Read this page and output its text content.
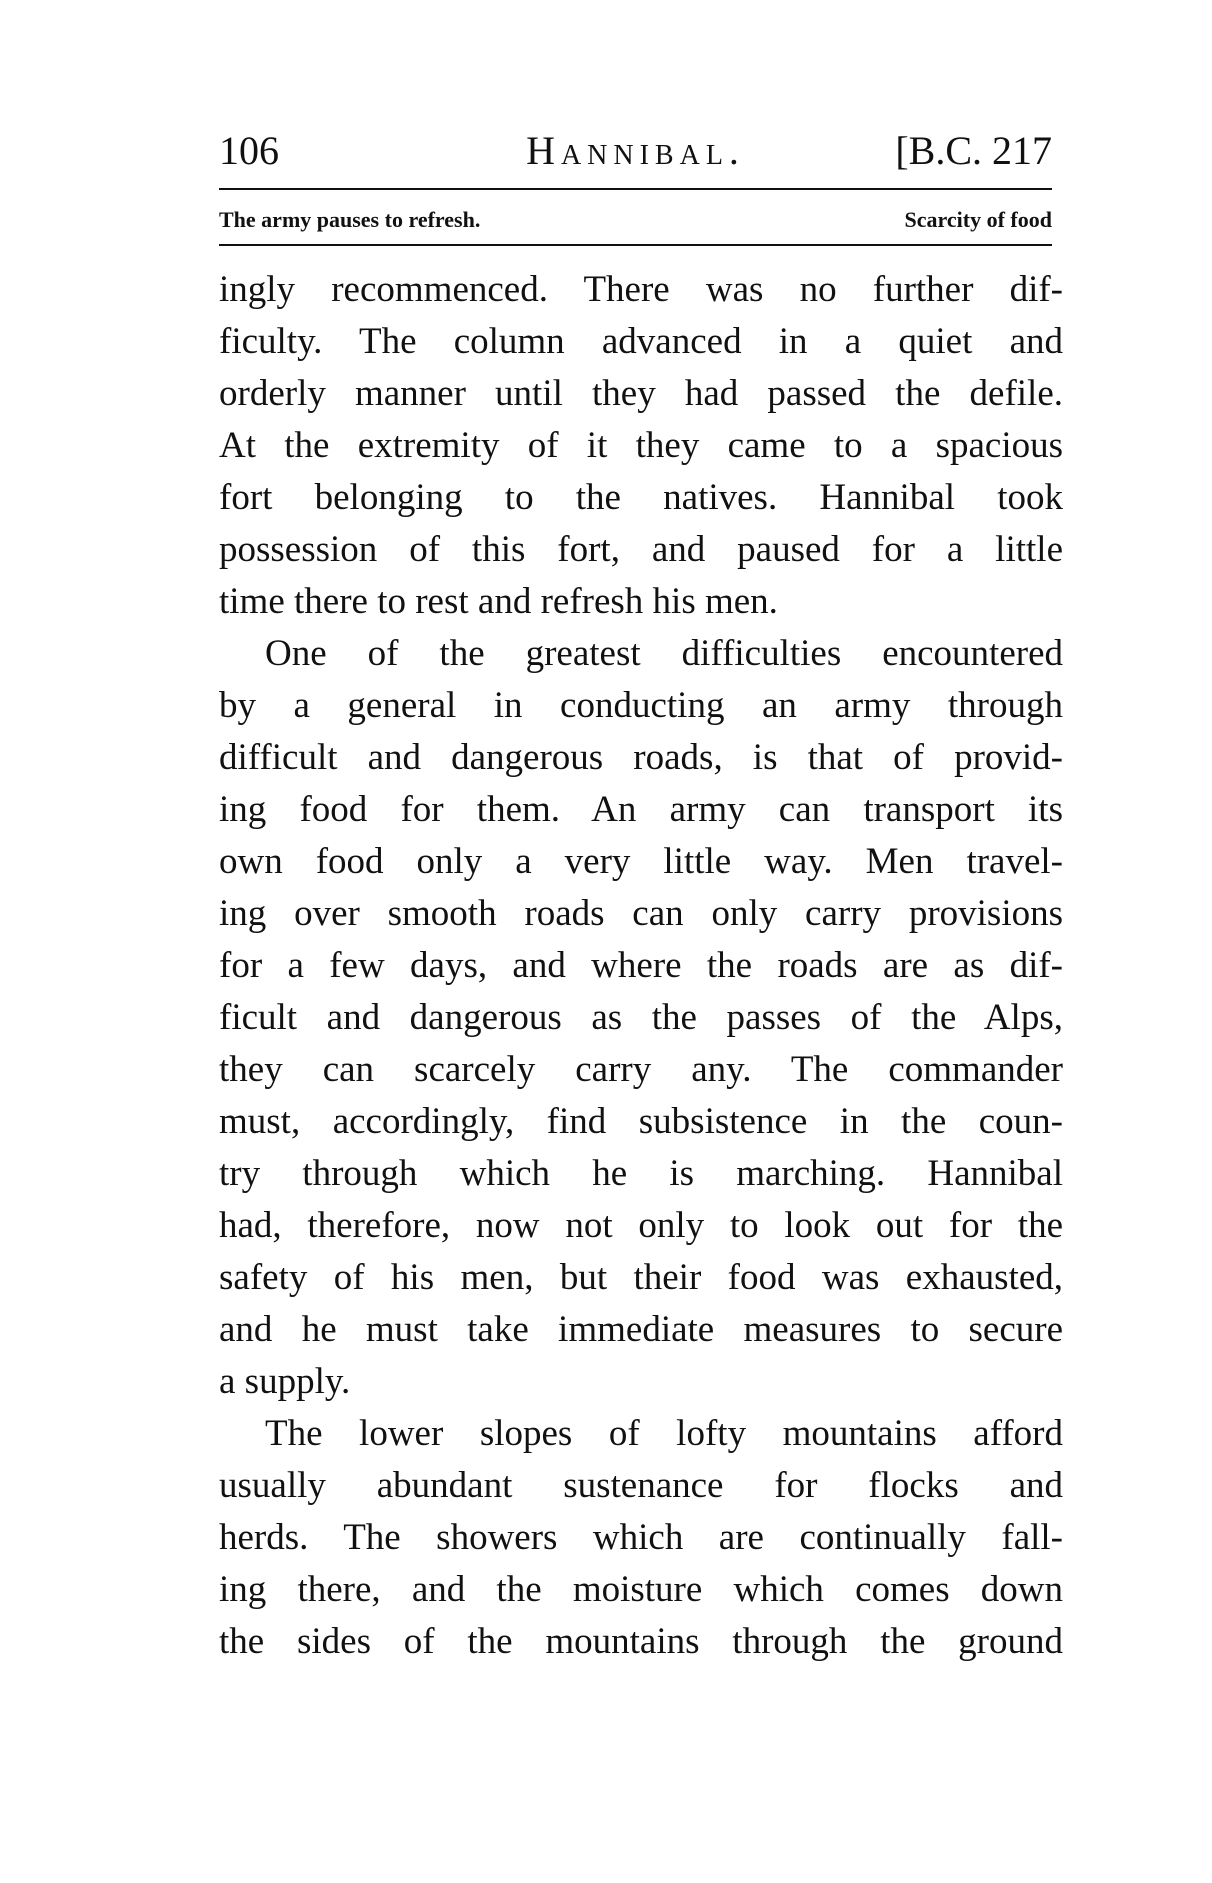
106	Hannibal.	[B.C. 217
The army pauses to refresh.	Scarcity of food
ingly recommenced. There was no further dif-
ficulty. The column advanced in a quiet and
orderly manner until they had passed the defile.
At the extremity of it they came to a spacious
fort belonging to the natives. Hannibal took
possession of this fort, and paused for a little
time there to rest and refresh his men.
One of the greatest difficulties encountered
by a general in conducting an army through
difficult and dangerous roads, is that of provid-
ing food for them. An army can transport its
own food only a very little way. Men travel-
ing over smooth roads can only carry provisions
for a few days, and where the roads are as dif-
ficult and dangerous as the passes of the Alps,
they can scarcely carry any. The commander
must, accordingly, find subsistence in the coun-
try through which he is marching. Hannibal
had, therefore, now not only to look out for the
safety of his men, but their food was exhausted,
and he must take immediate measures to secure
a supply.
The lower slopes of lofty mountains afford
usually abundant sustenance for flocks and
herds. The showers which are continually fall-
ing there, and the moisture which comes down
the sides of the mountains through the ground
